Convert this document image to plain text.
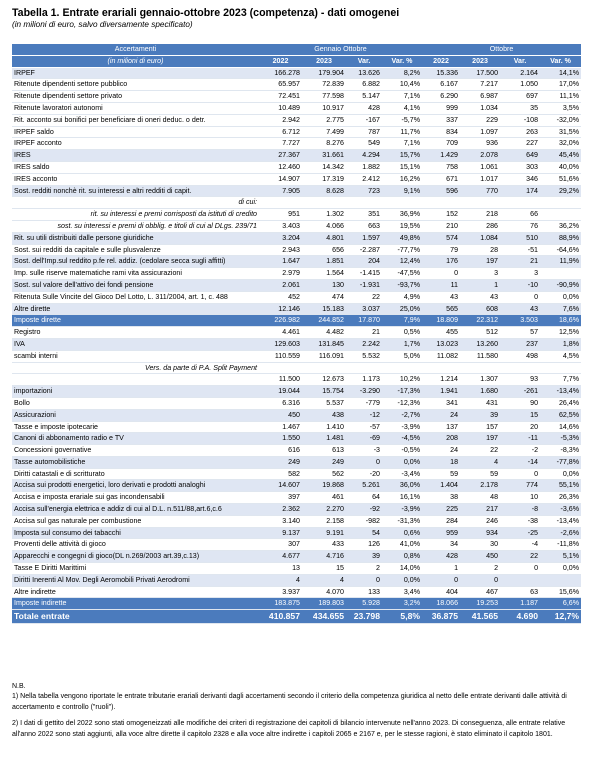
Tabella 1. Entrate erariali gennaio-ottobre 2023 (competenza) - dati omogenei
(in milioni di euro, salvo diversamente specificato)
Accertamenti	Gennaio Ottobre				Ottobre			
(in milioni di euro)	2022	2023	Var.	Var. %	2022	2023	Var.	Var. %
IRPEF	166.278	179.904	13.626	8,2%	15.336	17.500	2.164	14,1%
Ritenute dipendenti settore pubblico	65.957	72.839	6.882	10,4%	6.167	7.217	1.050	17,0%
Ritenute dipendenti settore privato	72.451	77.598	5.147	7,1%	6.290	6.987	697	11,1%
Ritenute lavoratori autonomi	10.489	10.917	428	4,1%	999	1.034	35	3,5%
Rit. acconto sui bonifici per beneficiare di oneri deduc. o detr.	2.942	2.775	-167	-5,7%	337	229	-108	-32,0%
IRPEF saldo	6.712	7.499	787	11,7%	834	1.097	263	31,5%
IRPEF acconto	7.727	8.276	549	7,1%	709	936	227	32,0%
IRES	27.367	31.661	4.294	15,7%	1.429	2.078	649	45,4%
IRES saldo	12.460	14.342	1.882	15,1%	758	1.061	303	40,0%
IRES acconto	14.907	17.319	2.412	16,2%	671	1.017	346	51,6%
Sost. redditi nonchè rit. su interessi e altri redditi di capit.	7.905	8.628	723	9,1%	596	770	174	29,2%
di cui:								
rit. su interessi e premi corrisposti da istituti di credito	951	1.302	351	36,9%	152	218	66	
sost. su interessi e premi di obblig. e titoli di cui al DLgs. 239/71	3.403	4.066	663	19,5%	210	286	76	36,2%
Rit. su utili distribuiti dalle persone giuridiche	3.204	4.801	1.597	49,8%	574	1.084	510	88,9%
Sost. sui redditi da capitale e sulle plusvalenze	2.943	656	-2.287	-77,7%	79	28	-51	-64,6%
Sost. dell'Imp.sul reddito p.fe rel. addiz. (cedolare secca sugli affitti)	1.647	1.851	204	12,4%	176	197	21	11,9%
Imp. sulle riserve matematiche rami vita assicurazioni	2.979	1.564	-1.415	-47,5%	0	3	3	
Sost. sul valore dell'attivo dei fondi pensione	2.061	130	-1.931	-93,7%	11	1	-10	-90,9%
Ritenuta Sulle Vincite del Gioco Del Lotto, L. 311/2004, art. 1, c. 488	452	474	22	4,9%	43	43	0	0,0%
Altre dirette	12.146	15.183	3.037	25,0%	565	608	43	7,6%
Imposte dirette	226.982	244.852	17.870	7,9%	18.809	22.312	3.503	18,6%
Registro	4.461	4.482	21	0,5%	455	512	57	12,5%
IVA	129.603	131.845	2.242	1,7%	13.023	13.260	237	1,8%
scambi interni	110.559	116.091	5.532	5,0%	11.082	11.580	498	4,5%
Vers. da parte di P.A. Split Payment								
	11.500	12.673	1.173	10,2%	1.214	1.307	93	7,7%
importazioni	19.044	15.754	-3.290	-17,3%	1.941	1.680	-261	-13,4%
Bollo	6.316	5.537	-779	-12,3%	341	431	90	26,4%
Assicurazioni	450	438	-12	-2,7%	24	39	15	62,5%
Tasse e imposte ipotecarie	1.467	1.410	-57	-3,9%	137	157	20	14,6%
Canoni di abbonamento radio e TV	1.550	1.481	-69	-4,5%	208	197	-11	-5,3%
Concessioni governative	616	613	-3	-0,5%	24	22	-2	-8,3%
Tasse automobilistiche	249	249	0	0,0%	18	4	-14	-77,8%
Diritti catastali e di scritturato	582	562	-20	-3,4%	59	59	0	0,0%
Accisa sui prodotti energetici, loro derivati e prodotti analoghi	14.607	19.868	5.261	36,0%	1.404	2.178	774	55,1%
Accisa e imposta erariale sui gas incondensabili	397	461	64	16,1%	38	48	10	26,3%
Accisa sull'energia elettrica e addiz di cui al D.L. n.511/88,art.6,c.6	2.362	2.270	-92	-3,9%	225	217	-8	-3,6%
Accisa sul gas naturale per combustione	3.140	2.158	-982	-31,3%	284	246	-38	-13,4%
Imposta sul consumo dei tabacchi	9.137	9.191	54	0,6%	959	934	-25	-2,6%
Proventi delle attività di gioco	307	433	126	41,0%	34	30	-4	-11,8%
Apparecchi e congegni di gioco(DL n.269/2003 art.39,c.13)	4.677	4.716	39	0,8%	428	450	22	5,1%
Tasse E Diritti Marittimi	13	15	2	14,0%	1	2	0	0,0%
Diritti Inerenti Al Mov. Degli Aeromobili Privati Aerodromi	4	4	0	0,0%	0	0		
Altre indirette	3.937	4.070	133	3,4%	404	467	63	15,6%
Imposte indirette	183.875	189.803	5.928	3,2%	18.066	19.253	1.187	6,6%
Totale entrate	410.857	434.655	23.798	5,8%	36.875	41.565	4.690	12,7%

N.B.

1) Nella tabella vengono riportate le entrate tributarie erariali derivanti dagli accertamenti secondo il criterio della competenza giuridica al netto delle entrate derivanti dalle attività di accertamento e controllo ("ruoli").

2) I dati di gettito del 2022 sono stati omogeneizzati alle modifiche dei criteri di registrazione dei capitoli di bilancio intervenute nell'anno 2023. Di conseguenza, alle entrate relative all'anno 2022 sono stati aggiunti, alla voce altre dirette il capitolo 2328 e alla voce altre indirette i capitoli 2065 e 2167 e, per le stesse ragioni, è stato eliminato il capitolo 1801.
